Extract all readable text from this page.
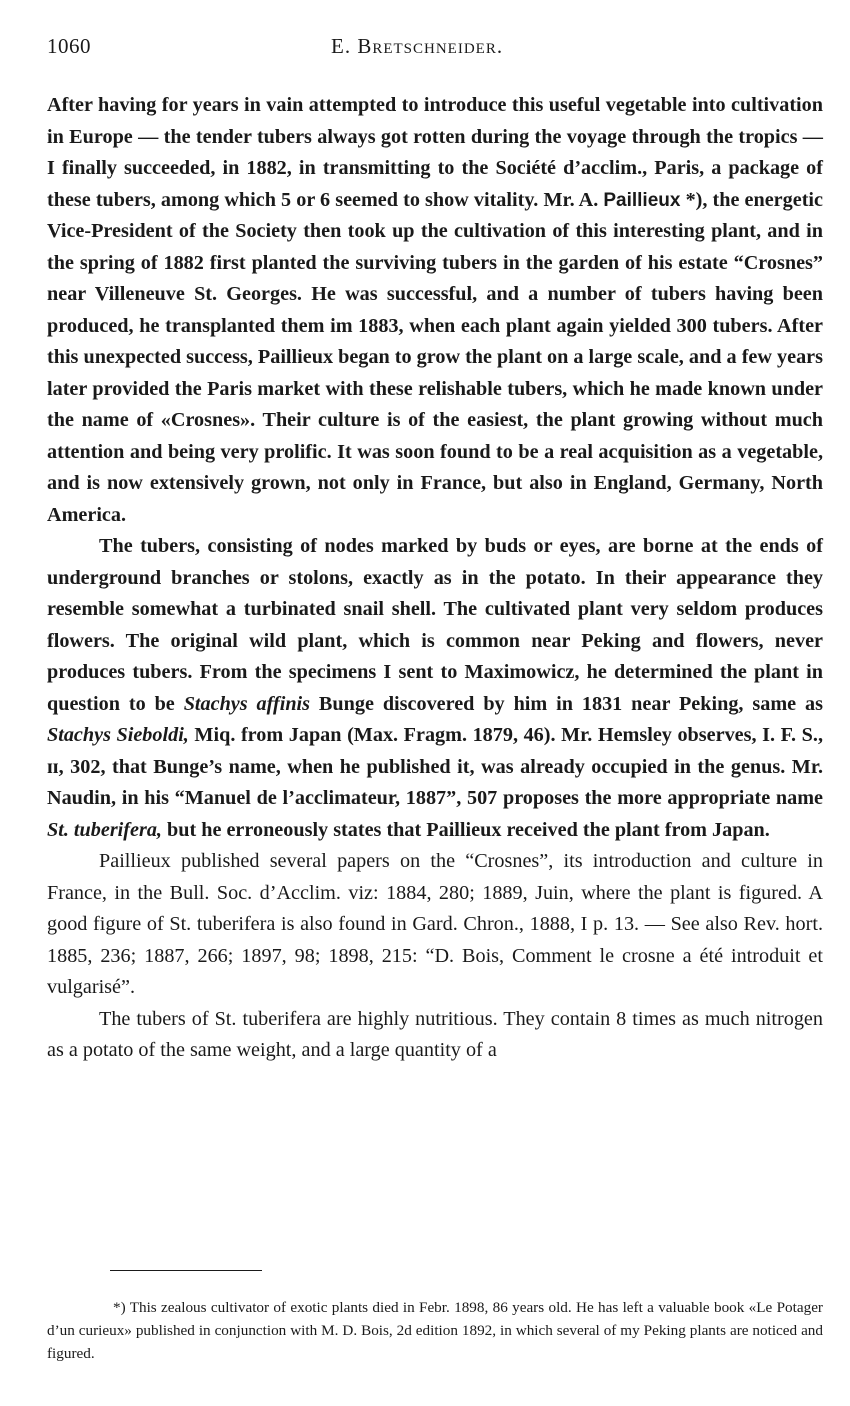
1060	E. Bretschneider.

After having for years in vain attempted to introduce this useful vegetable into cultivation in Europe — the tender tubers always got rotten during the voyage through the tropics — I finally succeeded, in 1882, in transmitting to the Société d’acclim., Paris, a package of these tubers, among which 5 or 6 seemed to show vitality. Mr. A. Paillieux *), the energetic Vice-President of the Society then took up the cultivation of this interesting plant, and in the spring of 1882 first planted the surviving tubers in the garden of his estate “Crosnes” near Villeneuve St. Georges. He was successful, and a number of tubers having been produced, he transplanted them im 1883, when each plant again yielded 300 tubers. After this unexpected success, Paillieux began to grow the plant on a large scale, and a few years later provided the Paris market with these relishable tubers, which he made known under the name of «Crosnes». Their culture is of the easiest, the plant growing without much attention and being very prolific. It was soon found to be a real acquisition as a vegetable, and is now extensively grown, not only in France, but also in England, Germany, North America.

The tubers, consisting of nodes marked by buds or eyes, are borne at the ends of underground branches or stolons, exactly as in the potato. In their appearance they resemble somewhat a turbinated snail shell. The cultivated plant very seldom produces flowers. The original wild plant, which is common near Peking and flowers, never produces tubers. From the specimens I sent to Maximowicz, he determined the plant in question to be Stachys affinis Bunge discovered by him in 1831 near Peking, same as Stachys Sieboldi, Miq. from Japan (Max. Fragm. 1879, 46). Mr. Hemsley observes, I. F. S., ɪɪ, 302, that Bunge’s name, when he published it, was already occupied in the genus. Mr. Naudin, in his “Manuel de l’acclimateur, 1887”, 507 proposes the more appropriate name St. tuberifera, but he erroneously states that Paillieux received the plant from Japan.

Paillieux published several papers on the “Crosnes”, its introduction and culture in France, in the Bull. Soc. d’Acclim. viz: 1884, 280; 1889, Juin, where the plant is figured. A good figure of St. tuberifera is also found in Gard. Chron., 1888, I p. 13. — See also Rev. hort. 1885, 236; 1887, 266; 1897, 98; 1898, 215: “D. Bois, Comment le crosne a été introduit et vulgarisé”.

The tubers of St. tuberifera are highly nutritious. They contain 8 times as much nitrogen as a potato of the same weight, and a large quantity of a

*) This zealous cultivator of exotic plants died in Febr. 1898, 86 years old. He has left a valuable book «Le Potager d’un curieux» published in conjunction with M. D. Bois, 2d edition 1892, in which several of my Peking plants are noticed and figured.
